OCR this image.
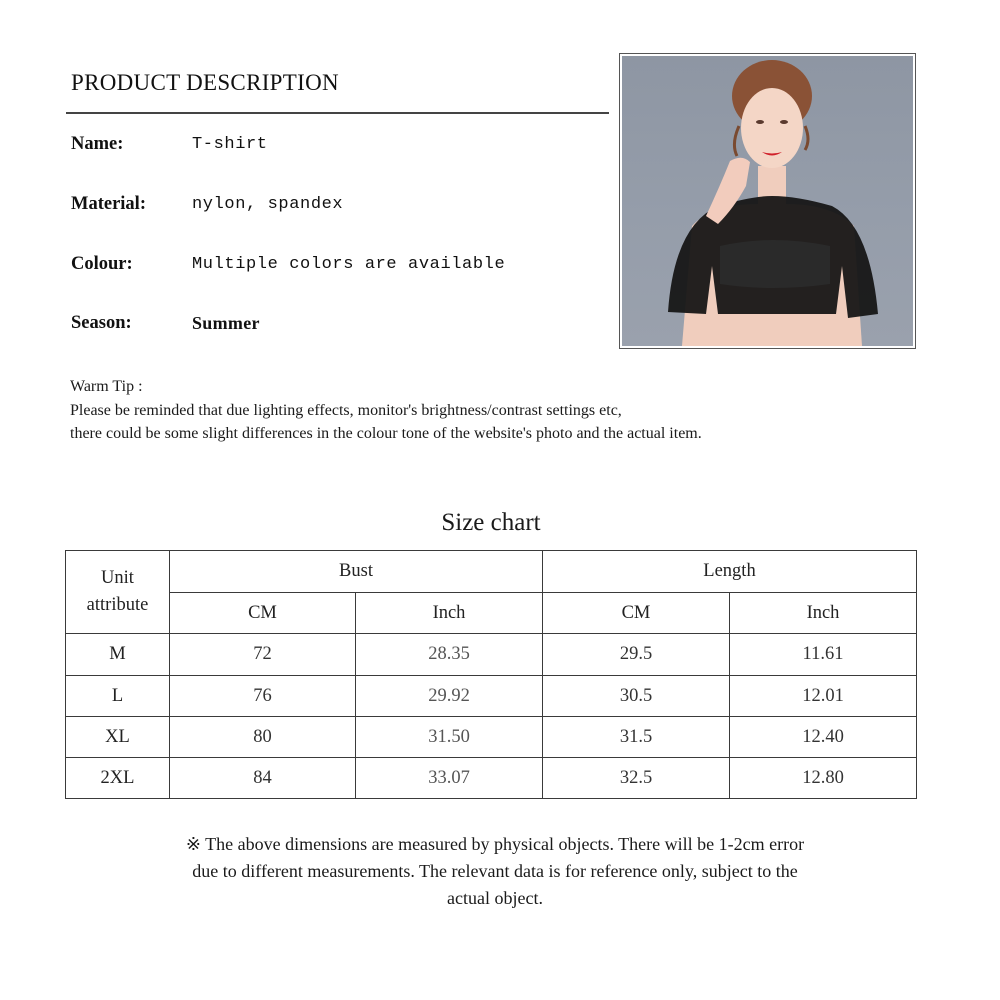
PRODUCT DESCRIPTION
Name:	T-shirt
Material:	nylon, spandex
Colour:	Multiple colors are available
Season:	Summer
Warm Tip :
Please be reminded that due lighting effects, monitor's brightness/contrast settings etc,
there could be some slight differences in the colour tone of the website's photo and the actual item.
Size chart
Unit
attribute	Bust		Length	
	CM	Inch	CM	Inch
M	72	28.35	29.5	11.61
L	76	29.92	30.5	12.01
XL	80	31.50	31.5	12.40
2XL	84	33.07	32.5	12.80
※ The above dimensions are measured by physical objects. There will be 1-2cm error
due to different measurements. The relevant data is for reference only, subject to the
actual object.
